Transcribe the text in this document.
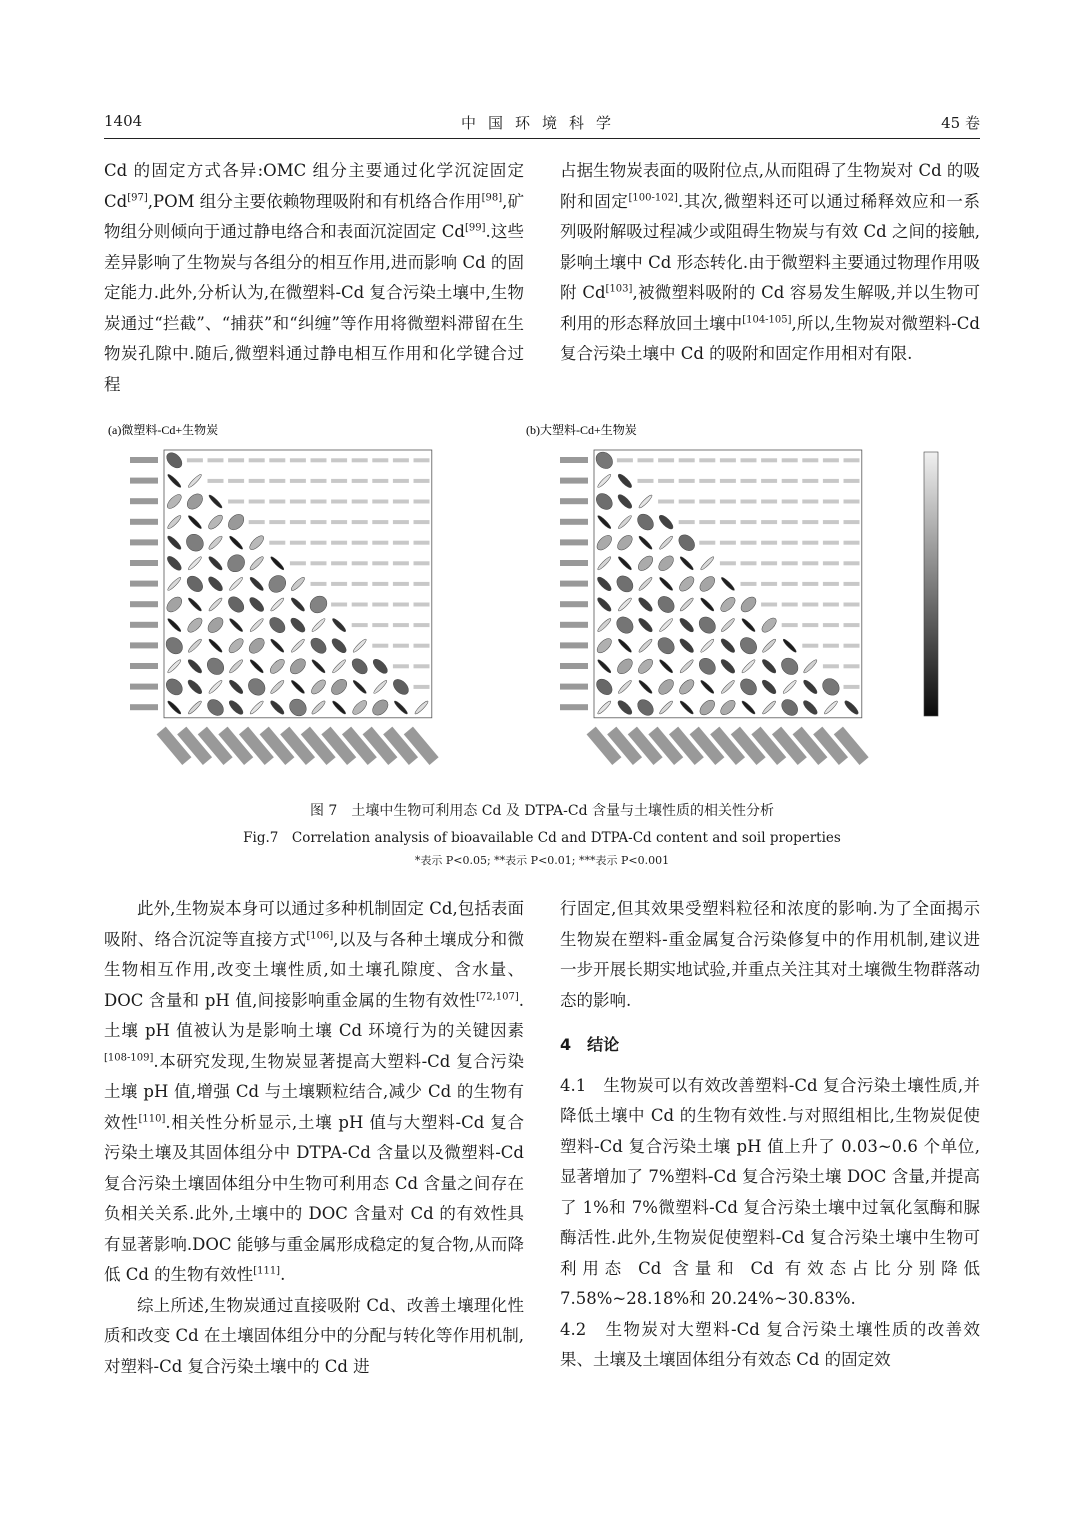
1404	中国环境科学	45 卷

Cd 的固定方式各异:OMC 组分主要通过化学沉淀固定 Cd[97],POM 组分主要依赖物理吸附和有机络合作用[98],矿物组分则倾向于通过静电络合和表面沉淀固定 Cd[99].这些差异影响了生物炭与各组分的相互作用,进而影响 Cd 的固定能力.此外,分析认为,在微塑料-Cd 复合污染土壤中,生物炭通过“拦截”、“捕获”和“纠缠”等作用将微塑料滞留在生物炭孔隙中.随后,微塑料通过静电相互作用和化学键合过程

占据生物炭表面的吸附位点,从而阻碍了生物炭对 Cd 的吸附和固定[100-102].其次,微塑料还可以通过稀释效应和一系列吸附解吸过程减少或阻碍生物炭与有效 Cd 之间的接触,影响土壤中 Cd 形态转化.由于微塑料主要通过物理作用吸附 Cd[103],被微塑料吸附的 Cd 容易发生解吸,并以生物可利用的形态释放回土壤中[104-105],所以,生物炭对微塑料-Cd 复合污染土壤中 Cd 的吸附和固定作用相对有限.

(a)微塑料-Cd+生物炭	(b)大塑料-Cd+生物炭
图 7　土壤中生物可利用态 Cd 及 DTPA-Cd 含量与土壤性质的相关性分析
Fig.7　Correlation analysis of bioavailable Cd and DTPA-Cd content and soil properties
*表示 P<0.05; **表示 P<0.01; ***表示 P<0.001

此外,生物炭本身可以通过多种机制固定 Cd,包括表面吸附、络合沉淀等直接方式[106],以及与各种土壤成分和微生物相互作用,改变土壤性质,如土壤孔隙度、含水量、DOC 含量和 pH 值,间接影响重金属的生物有效性[72,107].土壤 pH 值被认为是影响土壤 Cd 环境行为的关键因素[108-109].本研究发现,生物炭显著提高大塑料-Cd 复合污染土壤 pH 值,增强 Cd 与土壤颗粒结合,减少 Cd 的生物有效性[110].相关性分析显示,土壤 pH 值与大塑料-Cd 复合污染土壤及其固体组分中 DTPA-Cd 含量以及微塑料-Cd 复合污染土壤固体组分中生物可利用态 Cd 含量之间存在负相关关系.此外,土壤中的 DOC 含量对 Cd 的有效性具有显著影响.DOC 能够与重金属形成稳定的复合物,从而降低 Cd 的生物有效性[111].

综上所述,生物炭通过直接吸附 Cd、改善土壤理化性质和改变 Cd 在土壤固体组分中的分配与转化等作用机制,对塑料-Cd 复合污染土壤中的 Cd 进

行固定,但其效果受塑料粒径和浓度的影响.为了全面揭示生物炭在塑料-重金属复合污染修复中的作用机制,建议进一步开展长期实地试验,并重点关注其对土壤微生物群落动态的影响.

4　结论

4.1　生物炭可以有效改善塑料-Cd 复合污染土壤性质,并降低土壤中 Cd 的生物有效性.与对照组相比,生物炭促使塑料-Cd 复合污染土壤 pH 值上升了 0.03~0.6 个单位,显著增加了 7%塑料-Cd 复合污染土壤 DOC 含量,并提高了 1%和 7%微塑料-Cd 复合污染土壤中过氧化氢酶和脲酶活性.此外,生物炭促使塑料-Cd 复合污染土壤中生物可利用态 Cd 含量和 Cd 有效态占比分别降低 7.58%~28.18%和 20.24%~30.83%.

4.2　生物炭对大塑料-Cd 复合污染土壤性质的改善效果、土壤及土壤固体组分有效态 Cd 的固定效
